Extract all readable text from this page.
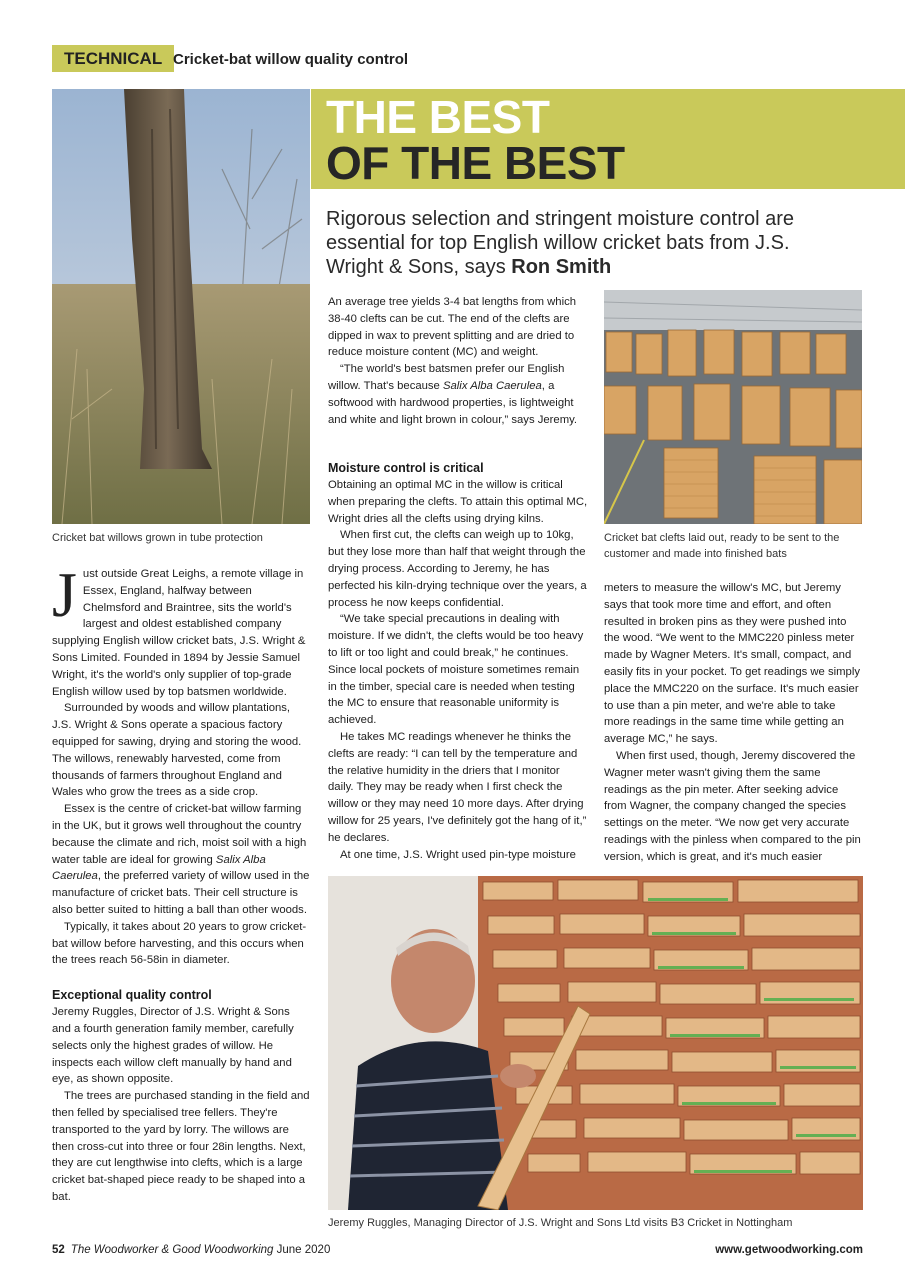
TECHNICAL Cricket-bat willow quality control
Cricket bat willows grown in tube protection
THE BEST
OF THE BEST
Rigorous selection and stringent moisture control are essential for top English willow cricket bats from J.S. Wright & Sons, says Ron Smith
Cricket bat clefts laid out, ready to be sent to the customer and made into finished bats

Just outside Great Leighs, a remote village in Essex, England, halfway between Chelmsford and Braintree, sits the world's largest and oldest established company supplying English willow cricket bats, J.S. Wright & Sons Limited. Founded in 1894 by Jessie Samuel Wright, it's the world's only supplier of top-grade English willow used by top batsmen worldwide.

Surrounded by woods and willow plantations, J.S. Wright & Sons operate a spacious factory equipped for sawing, drying and storing the wood. The willows, renewably harvested, come from thousands of farmers throughout England and Wales who grow the trees as a side crop.

Essex is the centre of cricket-bat willow farming in the UK, but it grows well throughout the country because the climate and rich, moist soil with a high water table are ideal for growing Salix Alba Caerulea, the preferred variety of willow used in the manufacture of cricket bats. Their cell structure is also better suited to hitting a ball than other woods.

Typically, it takes about 20 years to grow cricket-bat willow before harvesting, and this occurs when the trees reach 56-58in in diameter.

Exceptional quality control

Jeremy Ruggles, Director of J.S. Wright & Sons and a fourth generation family member, carefully selects only the highest grades of willow. He inspects each willow cleft manually by hand and eye, as shown opposite.

The trees are purchased standing in the field and then felled by specialised tree fellers. They're transported to the yard by lorry. The willows are then cross-cut into three or four 28in lengths. Next, they are cut lengthwise into clefts, which is a large cricket bat-shaped piece ready to be shaped into a bat.

An average tree yields 3-4 bat lengths from which 38-40 clefts can be cut. The end of the clefts are dipped in wax to prevent splitting and are dried to reduce moisture content (MC) and weight.

“The world's best batsmen prefer our English willow. That's because Salix Alba Caerulea, a softwood with hardwood properties, is lightweight and white and light brown in colour,” says Jeremy.

Moisture control is critical

Obtaining an optimal MC in the willow is critical when preparing the clefts. To attain this optimal MC, Wright dries all the clefts using drying kilns.

When first cut, the clefts can weigh up to 10kg, but they lose more than half that weight through the drying process. According to Jeremy, he has perfected his kiln-drying technique over the years, a process he now keeps confidential.

“We take special precautions in dealing with moisture. If we didn't, the clefts would be too heavy to lift or too light and could break,” he continues. Since local pockets of moisture sometimes remain in the timber, special care is needed when testing the MC to ensure that reasonable uniformity is achieved.

He takes MC readings whenever he thinks the clefts are ready: “I can tell by the temperature and the relative humidity in the driers that I monitor daily. They may be ready when I first check the willow or they may need 10 more days. After drying willow for 25 years, I've definitely got the hang of it,” he declares.

At one time, J.S. Wright used pin-type moisture

meters to measure the willow's MC, but Jeremy says that took more time and effort, and often resulted in broken pins as they were pushed into the wood. “We went to the MMC220 pinless meter made by Wagner Meters. It's small, compact, and easily fits in your pocket. To get readings we simply place the MMC220 on the surface. It's much easier to use than a pin meter, and we're able to take more readings in the same time while getting an average MC,” he says.

When first used, though, Jeremy discovered the Wagner meter wasn't giving them the same readings as the pin meter. After seeking advice from Wagner, the company changed the species settings on the meter. “We now get very accurate readings with the pinless when compared to the pin version, which is great, and it's much easier

Jeremy Ruggles, Managing Director of J.S. Wright and Sons Ltd visits B3 Cricket in Nottingham
52 The Woodworker & Good Woodworking June 2020	www.getwoodworking.com
